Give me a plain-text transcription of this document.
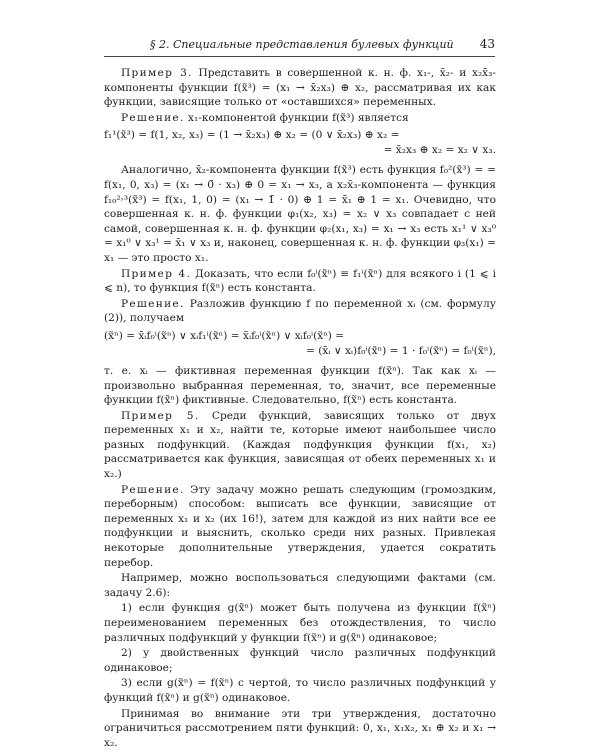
§ 2. Специальные представления булевых функций 43

Пример 3. Представить в совершенной к. н. ф. x₁-, x̄₂- и x₂x̄₃-компоненты функции f(x̃³) = (x₁ → x̄₂x₃) ⊕ x₂, рассматривая их как функции, зависящие только от «оставшихся» переменных.

Решение. x₁-компонентой функции f(x̃³) является

f₁¹(x̃³) = f(1, x₂, x₃) = (1 → x̄₂x₃) ⊕ x₂ = (0 ∨ x̄₂x₃) ⊕ x₂ =
= x̄₂x₃ ⊕ x₂ = x₂ ∨ x₃.

Аналогично, x̄₂-компонента функции f(x̃³) есть функция f₀²(x̃³) = = f(x₁, 0, x₃) = (x₁ → 0̄ · x₃) ⊕ 0 = x₁ → x₃, а x₂x̄₃-компонента — функция f₁₀²˒³(x̃³) = f(x₁, 1, 0) = (x₁ → 1̄ · 0) ⊕ 1 = x̄₁ ⊕ 1 = x₁. Очевидно, что совершенная к. н. ф. функции φ₁(x₂, x₃) = x₂ ∨ x₃ совпадает с ней самой, совершенная к. н. ф. функции φ₂(x₁, x₃) = x₁ → x₃ есть x₁¹ ∨ x₃⁰ = x₁⁰ ∨ x₃¹ = x̄₁ ∨ x₃ и, наконец, совершенная к. н. ф. функции φ₃(x₁) = x₁ — это просто x₁.

Пример 4. Доказать, что если f₀ⁱ(x̃ⁿ) ≡ f₁ⁱ(x̃ⁿ) для всякого i (1 ⩽ i ⩽ n), то функция f(x̃ⁿ) есть константа.

Решение. Разложив функцию f по переменной xᵢ (см. формулу (2)), получаем

(x̃ⁿ) = x̄ᵢf₀ⁱ(x̃ⁿ) ∨ xᵢf₁ⁱ(x̃ⁿ) = x̄ᵢf₀ⁱ(x̃ⁿ) ∨ xᵢf₀ⁱ(x̃ⁿ) =
= (x̄ᵢ ∨ xᵢ)f₀ⁱ(x̃ⁿ) = 1 · f₀ⁱ(x̃ⁿ) = f₀ⁱ(x̃ⁿ),

т. е. xᵢ — фиктивная переменная функции f(x̃ⁿ). Так как xᵢ — произвольно выбранная переменная, то, значит, все переменные функции f(x̃ⁿ) фиктивные. Следовательно, f(x̃ⁿ) есть константа.

Пример 5. Среди функций, зависящих только от двух переменных x₁ и x₂, найти те, которые имеют наибольшее число разных подфункций. (Каждая подфункция функции f(x₁, x₂) рассматривается как функция, зависящая от обеих переменных x₁ и x₂.)

Решение. Эту задачу можно решать следующим (громоздким, переборным) способом: выписать все функции, зависящие от переменных x₁ и x₂ (их 16!), затем для каждой из них найти все ее подфункции и выяснить, сколько среди них разных. Привлекая некоторые дополнительные утверждения, удается сократить перебор.

Например, можно воспользоваться следующими фактами (см. задачу 2.6):

1) если функция g(x̃ⁿ) может быть получена из функции f(x̃ⁿ) переименованием переменных без отождествления, то число различных подфункций у функции f(x̃ⁿ) и g(x̃ⁿ) одинаковое;

2) у двойственных функций число различных подфункций одинаковое;

3) если g(x̃ⁿ) = f(x̃ⁿ) с чертой, то число различных подфункций у функций f(x̃ⁿ) и g(x̃ⁿ) одинаковое.

Принимая во внимание эти три утверждения, достаточно ограничиться рассмотрением пяти функций: 0, x₁, x₁x₂, x₁ ⊕ x₂ и x₁ → x₂.
